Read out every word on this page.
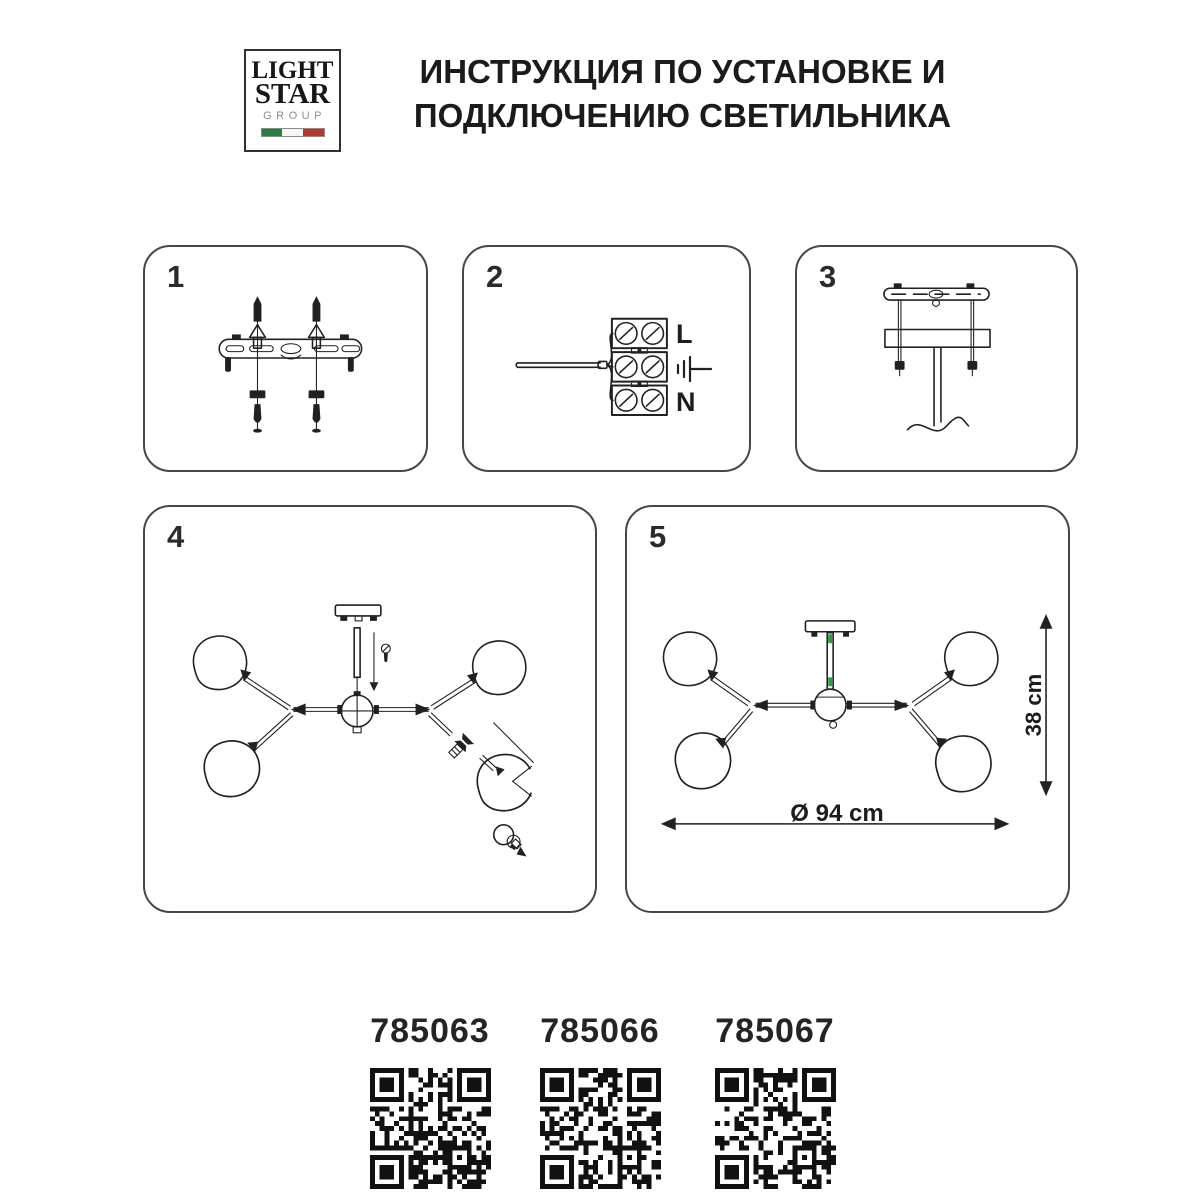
LIGHT
STAR
GROUP
ИНСТРУКЦИЯ ПО УСТАНОВКЕ И
ПОДКЛЮЧЕНИЮ СВЕТИЛЬНИКА
1	2
L
N
3
4	5
38 cm
Ø 94 cm
785063	785066	785067
